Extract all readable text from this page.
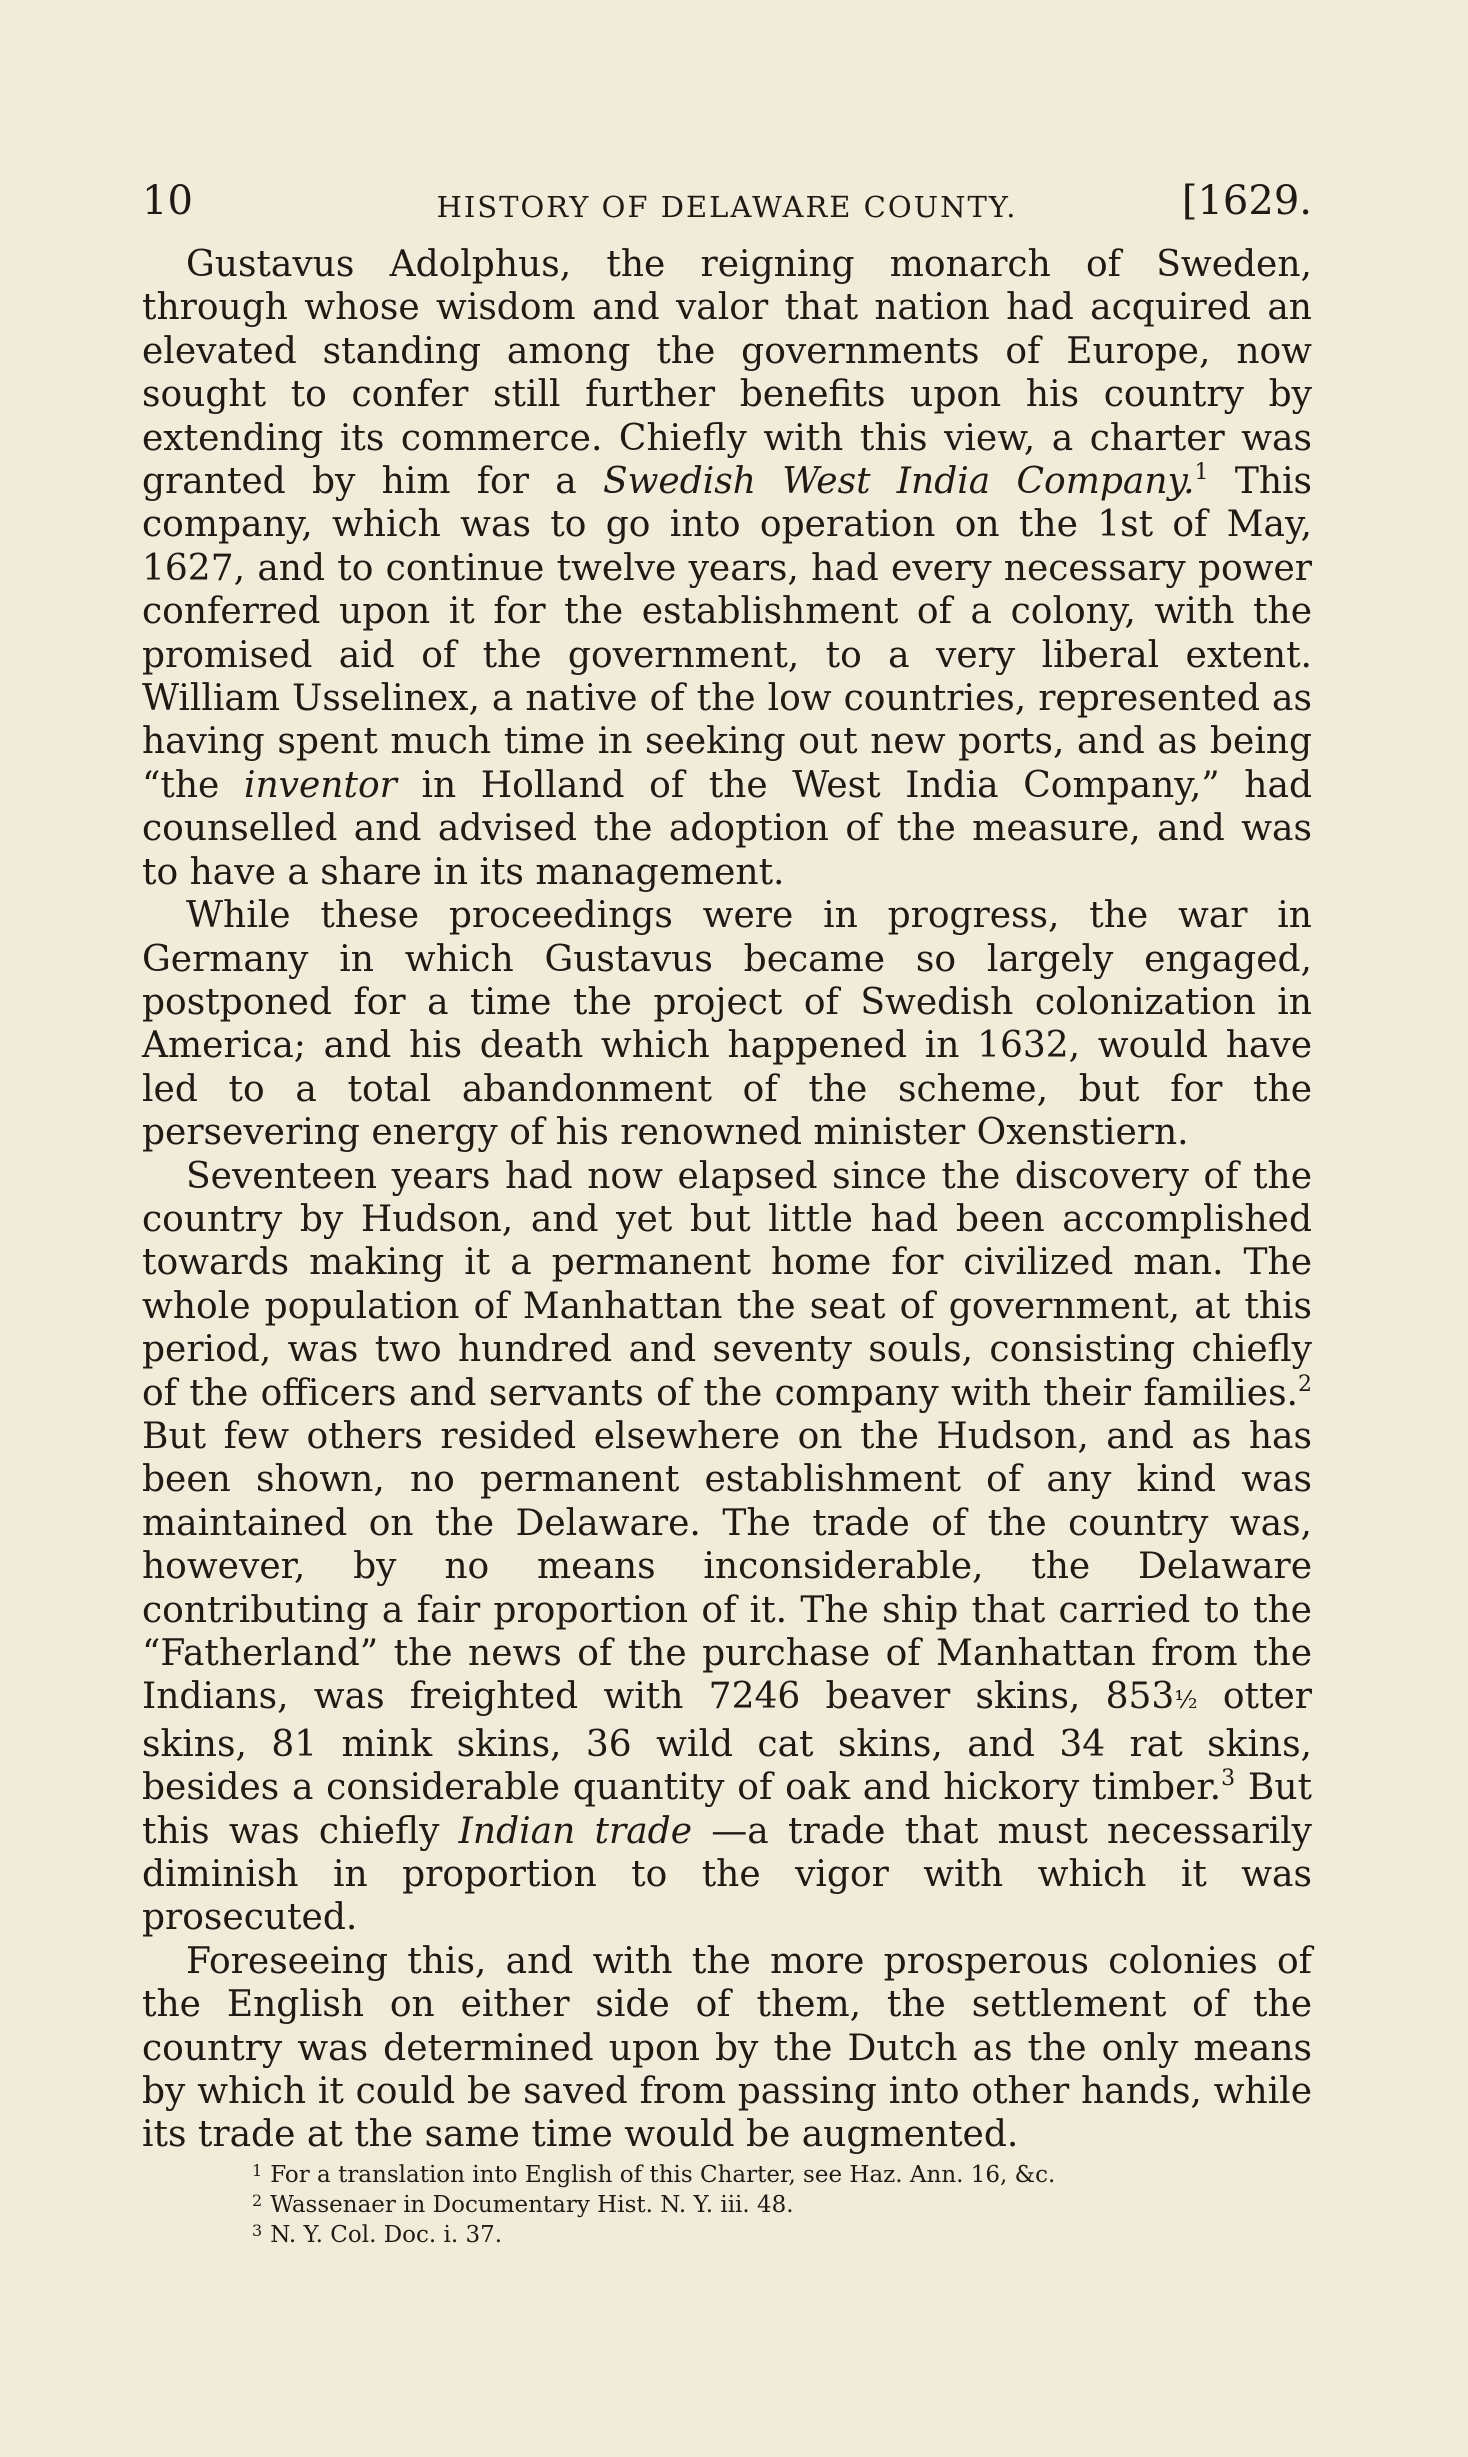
10	HISTORY OF DELAWARE COUNTY.	[1629.

Gustavus Adolphus, the reigning monarch of Sweden, through whose wisdom and valor that nation had acquired an elevated standing among the governments of Europe, now sought to confer still further benefits upon his country by extending its commerce. Chiefly with this view, a charter was granted by him for a Swedish West India Company.$^1$ This company, which was to go into operation on the 1st of May, 1627, and to continue twelve years, had every necessary power conferred upon it for the establishment of a colony, with the promised aid of the government, to a very liberal extent. William Usselinex, a native of the low countries, represented as having spent much time in seeking out new ports, and as being “the inventor in Holland of the West India Company,” had counselled and advised the adoption of the measure, and was to have a share in its management.

While these proceedings were in progress, the war in Germany in which Gustavus became so largely engaged, postponed for a time the project of Swedish colonization in America; and his death which happened in 1632, would have led to a total abandonment of the scheme, but for the persevering energy of his renowned minister Oxenstiern.

Seventeen years had now elapsed since the discovery of the country by Hudson, and yet but little had been accomplished towards making it a permanent home for civilized man. The whole population of Manhattan the seat of government, at this period, was two hundred and seventy souls, consisting chiefly of the officers and servants of the company with their families.$^2$ But few others resided elsewhere on the Hudson, and as has been shown, no permanent establishment of any kind was maintained on the Delaware. The trade of the country was, however, by no means inconsiderable, the Delaware contributing a fair proportion of it. The ship that carried to the “Fatherland” the news of the purchase of Manhattan from the Indians, was freighted with 7246 beaver skins, 853½ otter skins, 81 mink skins, 36 wild cat skins, and 34 rat skins, besides a considerable quantity of oak and hickory timber.$^3$ But this was chiefly Indian trade —a trade that must necessarily diminish in proportion to the vigor with which it was prosecuted.

Foreseeing this, and with the more prosperous colonies of the English on either side of them, the settlement of the country was determined upon by the Dutch as the only means by which it could be saved from passing into other hands, while its trade at the same time would be augmented.

$^1$ For a translation into English of this Charter, see Haz. Ann. 16, &c.

$^2$ Wassenaer in Documentary Hist. N. Y. iii. 48.

$^3$ N. Y. Col. Doc. i. 37.
